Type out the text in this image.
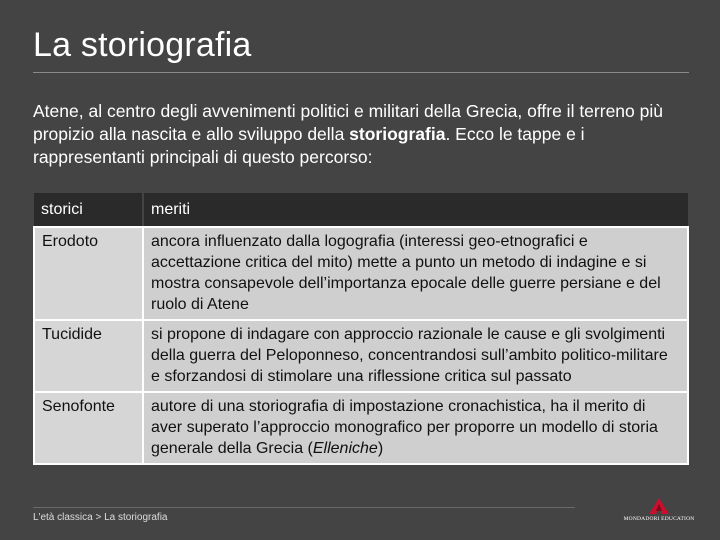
La storiografia
Atene, al centro degli avvenimenti politici e militari della Grecia, offre il terreno più propizio alla nascita e allo sviluppo della storiografia. Ecco le tappe e i rappresentanti principali di questo percorso:
storici	meriti
Erodoto	ancora influenzato dalla logografia (interessi geo-etnografici e accettazione critica del mito) mette a punto un metodo di indagine e si mostra consapevole dell’importanza epocale delle guerre persiane e del ruolo di Atene
Tucidide	si propone di indagare con approccio razionale le cause e gli svolgimenti della guerra del Peloponneso, concentrandosi sull’ambito politico-militare e sforzandosi di stimolare una riflessione critica sul passato
Senofonte	autore di una storiografia di impostazione cronachistica, ha il merito di aver superato l’approccio monografico per proporre un modello di storia generale della Grecia (Elleniche)
L'età classica > La storiografia	MONDADORI EDUCATION
